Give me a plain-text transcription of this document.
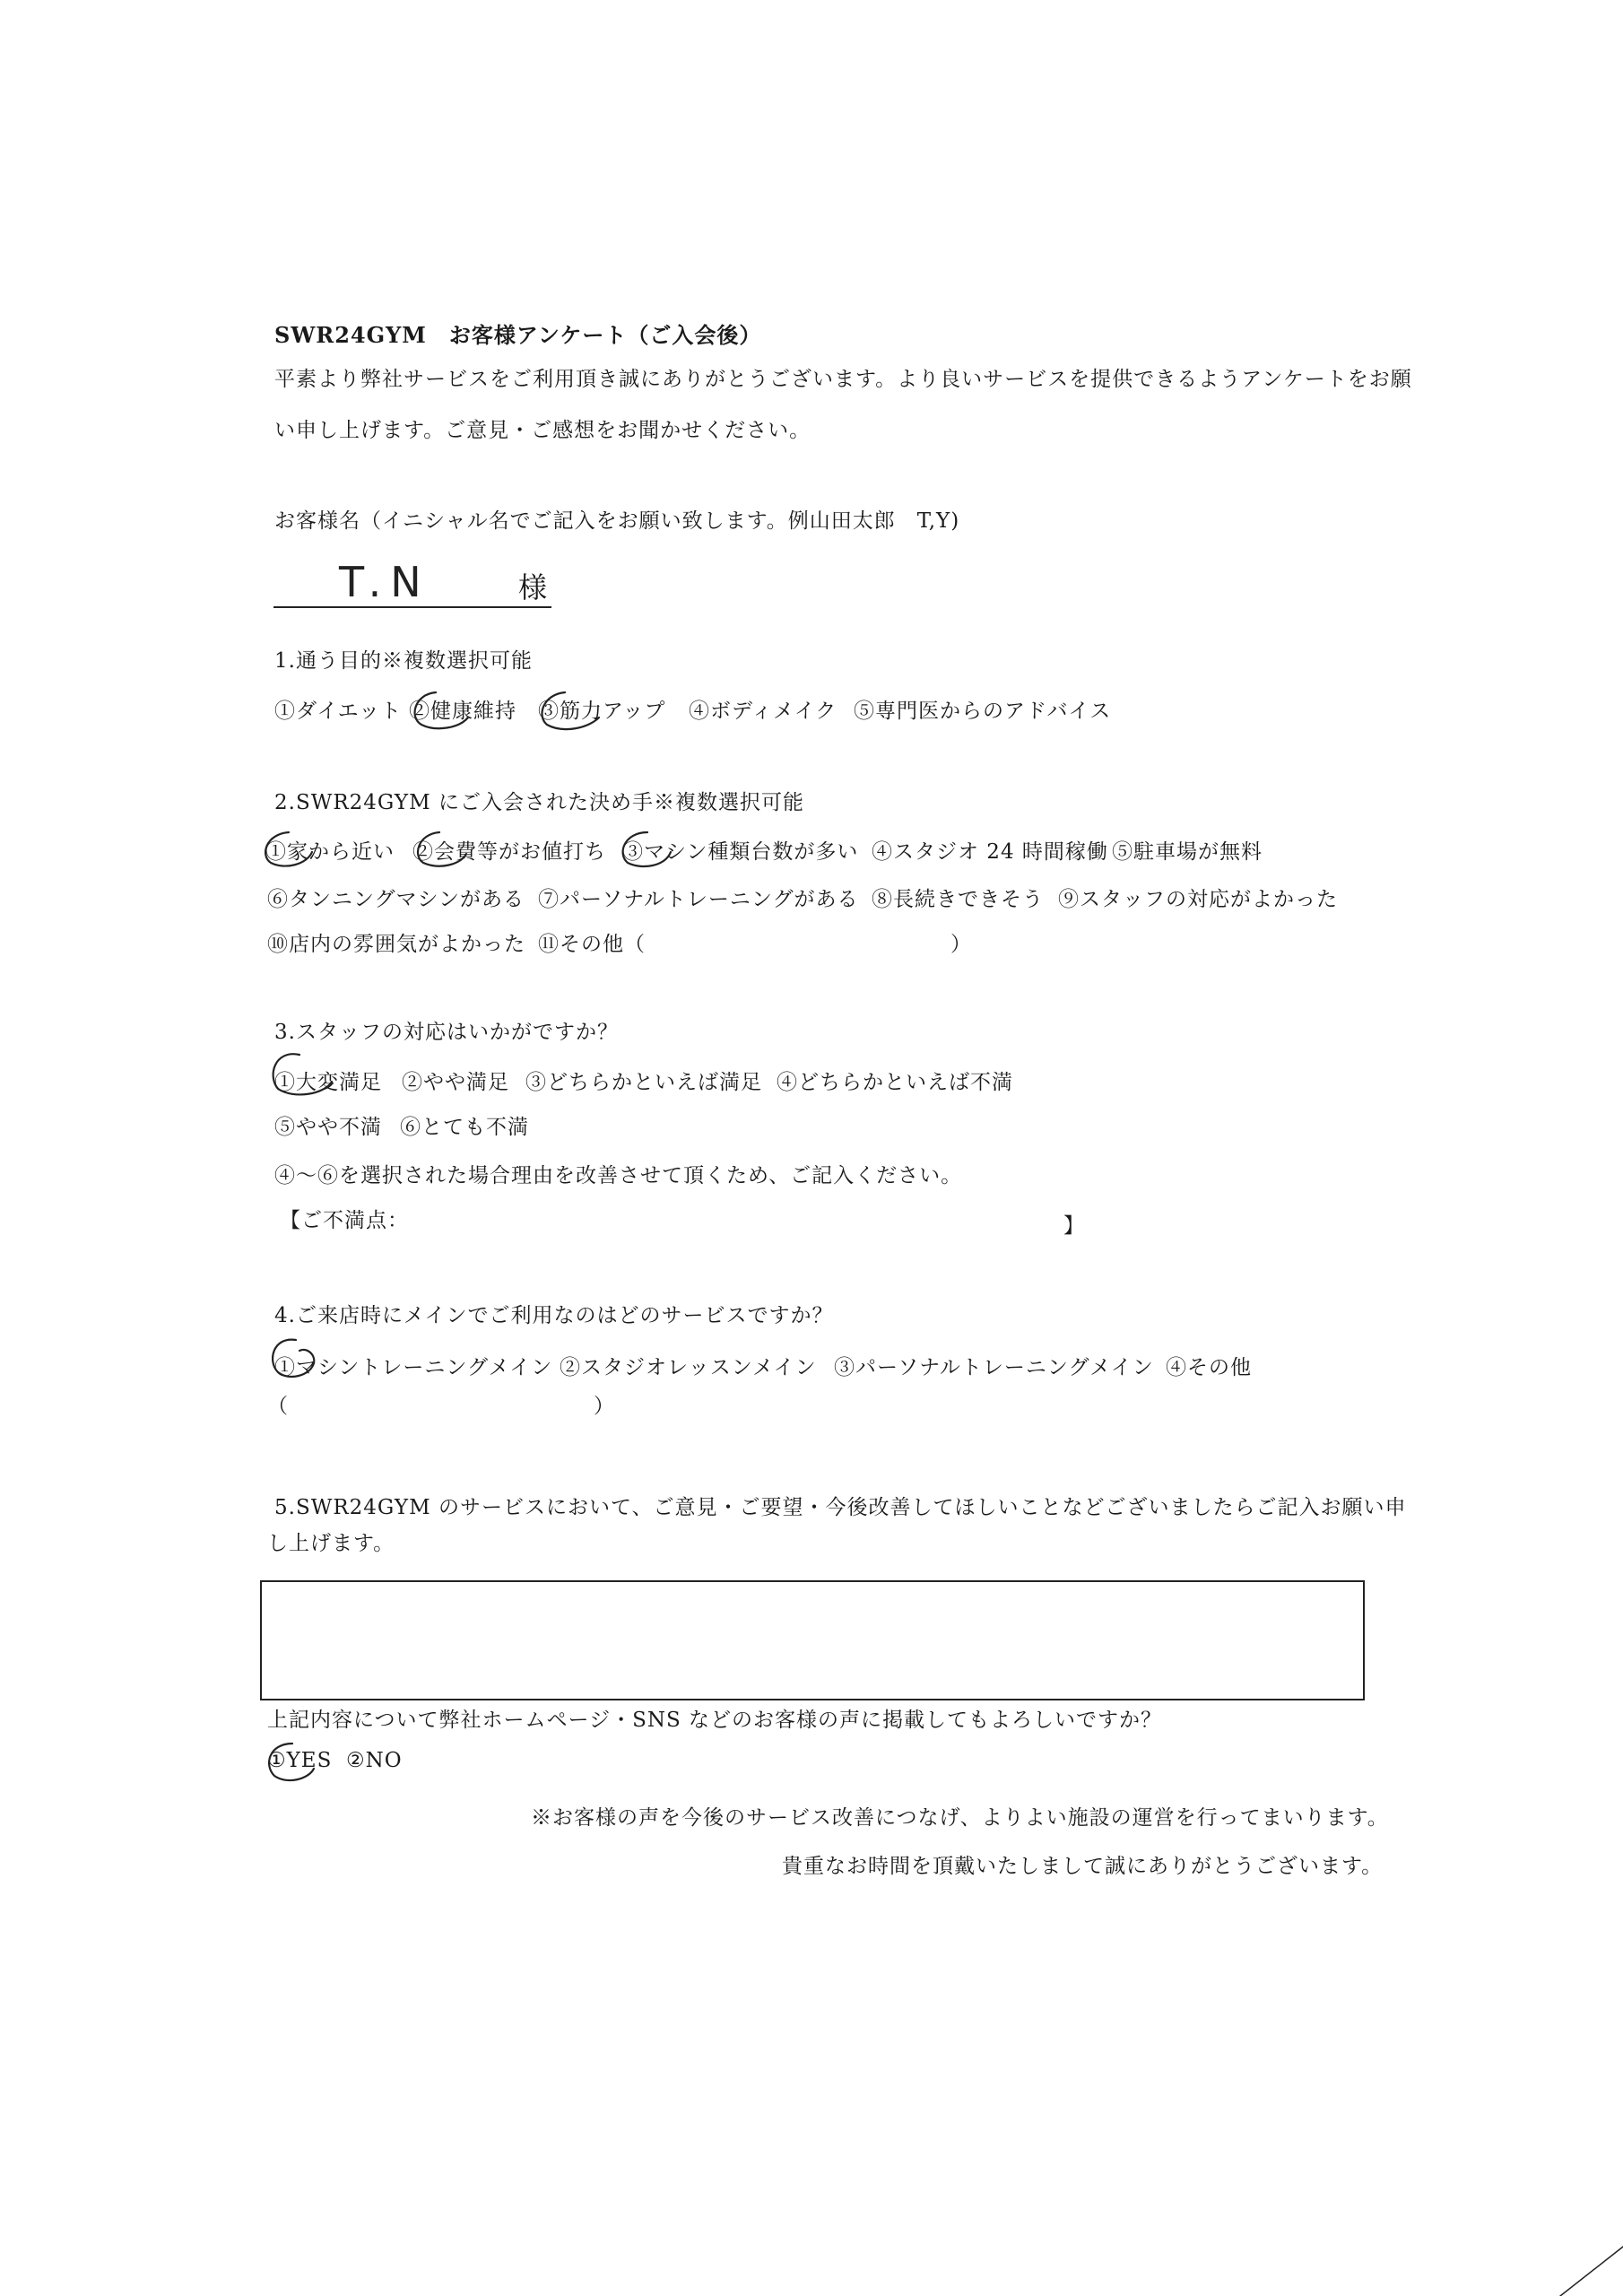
SWR24GYM　お客様アンケート（ご入会後）
平素より弊社サービスをご利用頂き誠にありがとうございます。より良いサービスを提供できるようアンケートをお願
い申し上げます。ご意見・ご感想をお聞かせください。
お客様名（イニシャル名でご記入をお願い致します。例山田太郎　T,Y)
T.N	様
1.通う目的※複数選択可能
①ダイエット ②健康維持 ③筋力アップ ④ボディメイク ⑤専門医からのアドバイス
2.SWR24GYM にご入会された決め手※複数選択可能
①家から近い ②会費等がお値打ち ③マシン種類台数が多い ④スタジオ 24 時間稼働 ⑤駐車場が無料
⑥タンニングマシンがある ⑦パーソナルトレーニングがある ⑧長続きできそう ⑨スタッフの対応がよかった
⑩店内の雰囲気がよかった ⑪その他（	）
3.スタッフの対応はいかがですか？
①大変満足 ②やや満足 ③どちらかといえば満足 ④どちらかといえば不満
⑤やや不満 ⑥とても不満
④〜⑥を選択された場合理由を改善させて頂くため、ご記入ください。
【ご不満点：	】
4.ご来店時にメインでご利用なのはどのサービスですか？
①マシントレーニングメイン ②スタジオレッスンメイン ③パーソナルトレーニングメイン ④その他
（	）
5.SWR24GYM のサービスにおいて、ご意見・ご要望・今後改善してほしいことなどございましたらご記入お願い申
し上げます。
上記内容について弊社ホームページ・SNS などのお客様の声に掲載してもよろしいですか？
①YES ②NO
※お客様の声を今後のサービス改善につなげ、よりよい施設の運営を行ってまいります。
貴重なお時間を頂戴いたしまして誠にありがとうございます。
